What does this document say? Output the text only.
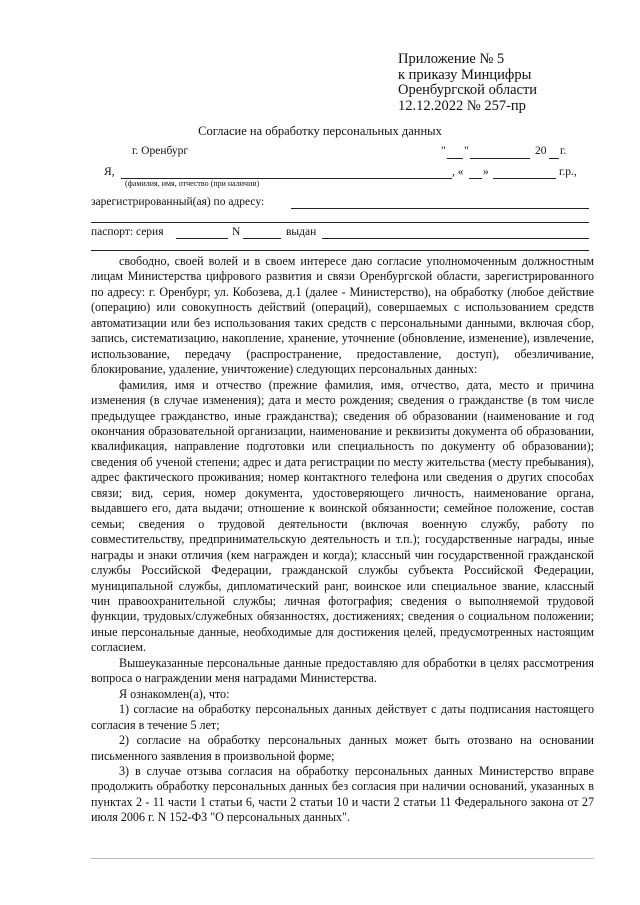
Приложение № 5
к приказу Минцифры
Оренбургской области
12.12.2022 № 257-пр
Согласие на обработку персональных данных
г. Оренбург	" "	20 г.
Я,	, « »	г.р.,
(фамилия, имя, отчество (при наличии)
зарегистрированный(ая) по адресу:
паспорт: серия	N	выдан

свободно, своей волей и в своем интересе даю согласие уполномоченным должностным лицам Министерства цифрового развития и связи Оренбургской области, зарегистрированного по адресу: г. Оренбург, ул. Кобозева, д.1 (далее - Министерство), на обработку (любое действие (операцию) или совокупность действий (операций), совершаемых с использованием средств автоматизации или без использования таких средств с персональными данными, включая сбор, запись, систематизацию, накопление, хранение, уточнение (обновление, изменение), извлечение, использование, передачу (распространение, предоставление, доступ), обезличивание, блокирование, удаление, уничтожение) следующих персональных данных:

фамилия, имя и отчество (прежние фамилия, имя, отчество, дата, место и причина изменения (в случае изменения); дата и место рождения; сведения о гражданстве (в том числе предыдущее гражданство, иные гражданства); сведения об образовании (наименование и год окончания образовательной организации, наименование и реквизиты документа об образовании, квалификация, направление подготовки или специальность по документу об образовании); сведения об ученой степени; адрес и дата регистрации по месту жительства (месту пребывания), адрес фактического проживания; номер контактного телефона или сведения о других способах связи; вид, серия, номер документа, удостоверяющего личность, наименование органа, выдавшего его, дата выдачи; отношение к воинской обязанности; семейное положение, состав семьи; сведения о трудовой деятельности (включая военную службу, работу по совместительству, предпринимательскую деятельность и т.п.); государственные награды, иные награды и знаки отличия (кем награжден и когда); классный чин государственной гражданской службы Российской Федерации, гражданской службы субъекта Российской Федерации, муниципальной службы, дипломатический ранг, воинское или специальное звание, классный чин правоохранительной службы; личная фотография; сведения о выполняемой трудовой функции, трудовых/служебных обязанностях, достижениях; сведения о социальном положении; иные персональные данные, необходимые для достижения целей, предусмотренных настоящим согласием.

Вышеуказанные персональные данные предоставляю для обработки в целях рассмотрения вопроса о награждении меня наградами Министерства.

Я ознакомлен(а), что:

1) согласие на обработку персональных данных действует с даты подписания настоящего согласия в течение 5 лет;

2) согласие на обработку персональных данных может быть отозвано на основании письменного заявления в произвольной форме;

3) в случае отзыва согласия на обработку персональных данных Министерство вправе продолжить обработку персональных данных без согласия при наличии оснований, указанных в пунктах 2 - 11 части 1 статьи 6, части 2 статьи 10 и части 2 статьи 11 Федерального закона от 27 июля 2006 г. N 152-ФЗ "О персональных данных".
